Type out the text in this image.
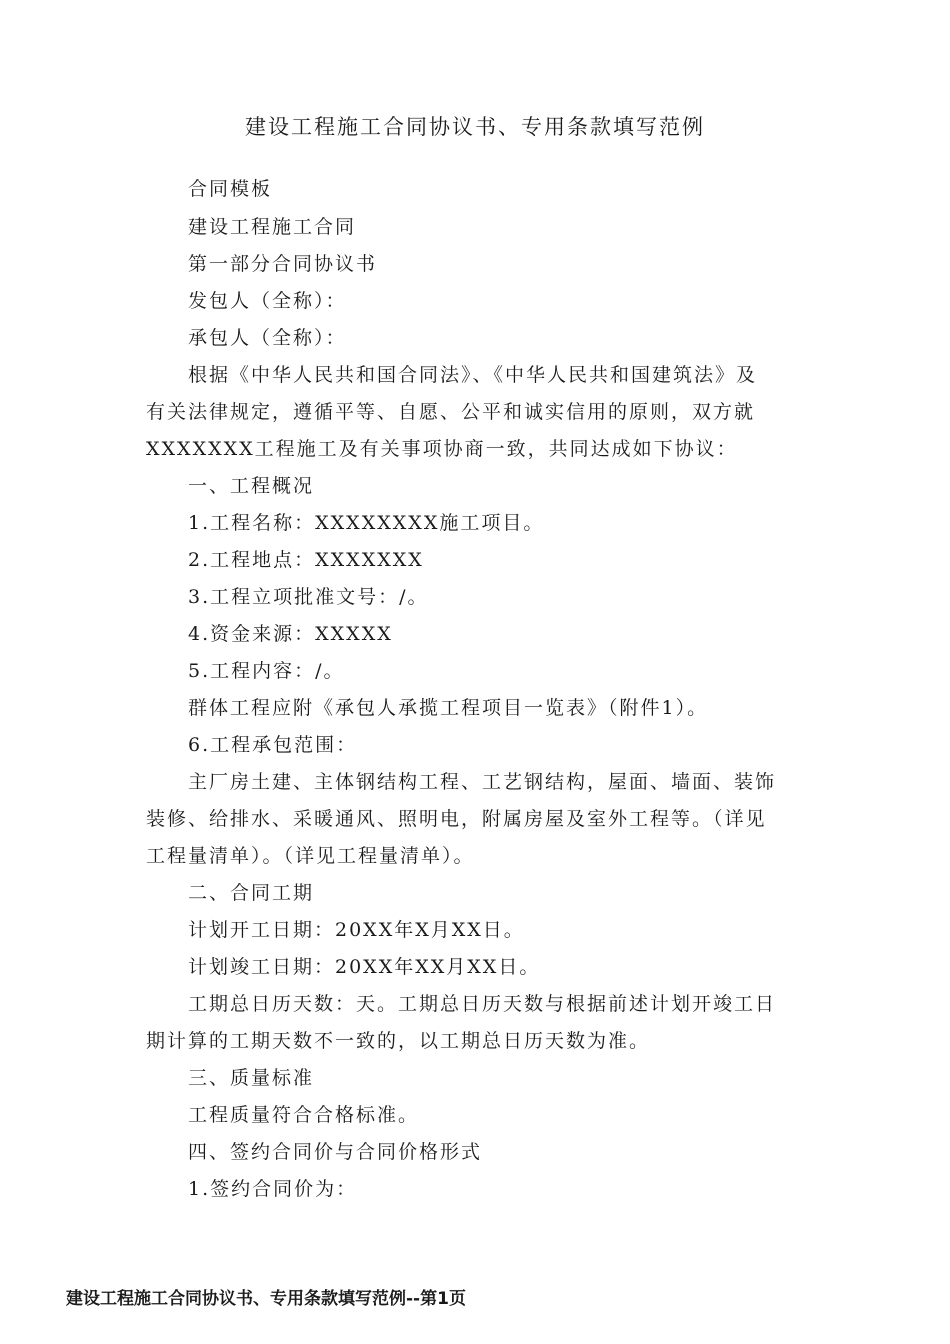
建设工程施工合同协议书、专用条款填写范例
合同模板
建设工程施工合同
第一部分合同协议书
发包人（全称）：
承包人（全称）：
根据《中华人民共和国合同法》、《中华人民共和国建筑法》及
有关法律规定，遵循平等、自愿、公平和诚实信用的原则，双方就
XXXXXXX工程施工及有关事项协商一致，共同达成如下协议：
一、工程概况
1.工程名称：XXXXXXXX施工项目。
2.工程地点：XXXXXXX
3.工程立项批准文号：/。
4.资金来源：XXXXX
5.工程内容：/。
群体工程应附《承包人承揽工程项目一览表》（附件1）。
6.工程承包范围：
主厂房土建、主体钢结构工程、工艺钢结构，屋面、墙面、装饰
装修、给排水、采暖通风、照明电，附属房屋及室外工程等。（详见
工程量清单）。（详见工程量清单）。
二、合同工期
计划开工日期：20XX年X月XX日。
计划竣工日期：20XX年XX月XX日。
工期总日历天数：天。工期总日历天数与根据前述计划开竣工日
期计算的工期天数不一致的，以工期总日历天数为准。
三、质量标准
工程质量符合合格标准。
四、签约合同价与合同价格形式
1.签约合同价为：
建设工程施工合同协议书、专用条款填写范例--第1页
